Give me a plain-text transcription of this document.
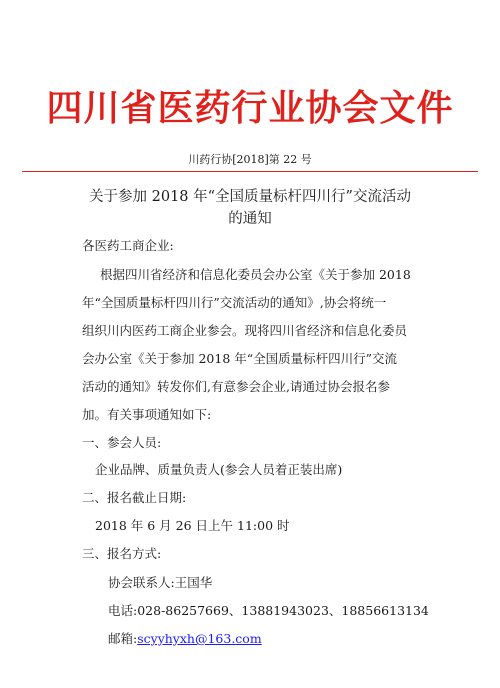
四川省医药行业协会文件
川药行协[2018]第 22 号
关于参加 2018 年“全国质量标杆四川行”交流活动
的通知
各医药工商企业:
根据四川省经济和信息化委员会办公室《关于参加 2018
年“全国质量标杆四川行”交流活动的通知》,协会将统一
组织川内医药工商企业参会。现将四川省经济和信息化委员
会办公室《关于参加 2018 年“全国质量标杆四川行”交流
活动的通知》转发你们,有意参会企业,请通过协会报名参
加。有关事项通知如下:
一、参会人员:
企业品牌、质量负责人(参会人员着正装出席)
二、报名截止日期:
2018 年 6 月 26 日上午 11:00 时
三、报名方式:
协会联系人:王国华
电话:028-86257669、13881943023、18856613134
邮箱:scyyhyxh@163.com
